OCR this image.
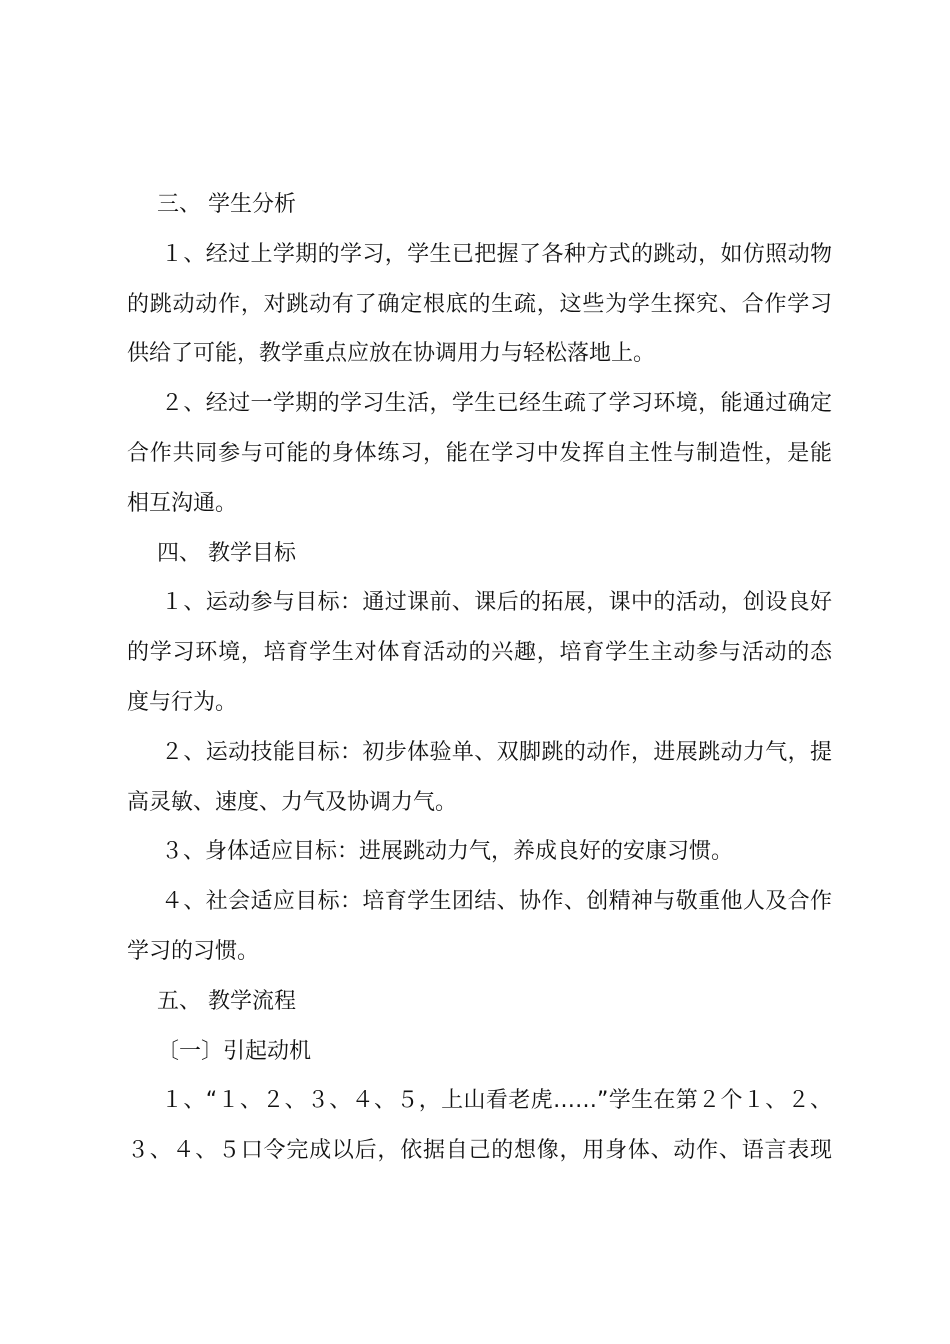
三、 学生分析
１、经过上学期的学习，学生已把握了各种方式的跳动，如仿照动物
的跳动动作，对跳动有了确定根底的生疏，这些为学生探究、合作学习
供给了可能，教学重点应放在协调用力与轻松落地上。
２、经过一学期的学习生活，学生已经生疏了学习环境，能通过确定
合作共同参与可能的身体练习，能在学习中发挥自主性与制造性，是能
相互沟通。
四、 教学目标
１、运动参与目标：通过课前、课后的拓展，课中的活动，创设良好
的学习环境，培育学生对体育活动的兴趣，培育学生主动参与活动的态
度与行为。
２、运动技能目标：初步体验单、双脚跳的动作，进展跳动力气，提
高灵敏、速度、力气及协调力气。
３、身体适应目标：进展跳动力气，养成良好的安康习惯。
４、社会适应目标：培育学生团结、协作、创精神与敬重他人及合作
学习的习惯。
五、 教学流程
〔一〕引起动机
１、“１、２、３、４、５，上山看老虎……”学生在第２个１、２、
３、４、５口令完成以后，依据自己的想像，用身体、动作、语言表现
